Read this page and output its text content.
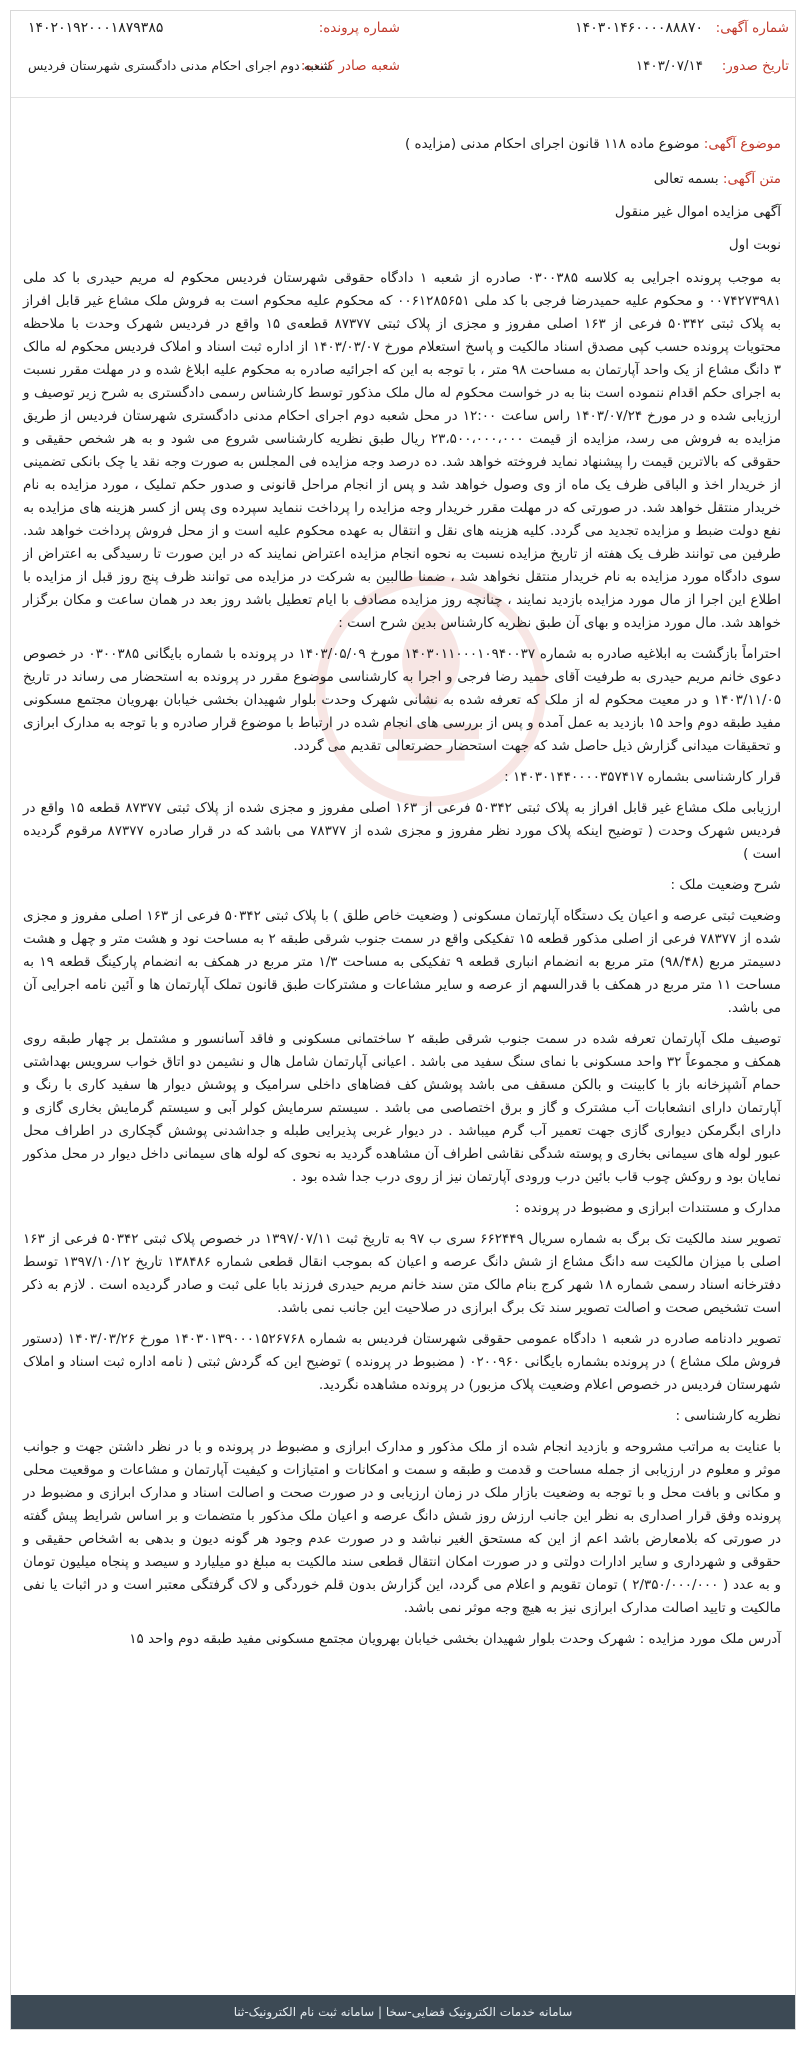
شماره آگهی:
۱۴۰۳۰۱۴۶۰۰۰۰۸۸۸۷۰
شماره پرونده:
۱۴۰۲۰۱۹۲۰۰۰۱۸۷۹۳۸۵
تاریخ صدور:
۱۴۰۳/۰۷/۱۴
شعبه صادر کننده:
شعبه دوم اجرای احکام مدنی دادگستری شهرستان فردیس
موضوع آگهی: موضوع ماده ۱۱۸ قانون اجرای احکام مدنی (مزایده )

متن آگهی: بسمه تعالی

آگهی مزایده اموال غیر منقول

نوبت اول

به موجب پرونده اجرایی به کلاسه ۰۳۰۰۳۸۵ صادره از شعبه ۱ دادگاه حقوقی شهرستان فردیس محکوم له مریم حیدری با کد ملی ۰۰۷۴۲۷۳۹۸۱ و محکوم علیه حمیدرضا فرجی با کد ملی ۰۰۶۱۲۸۵۶۵۱ که محکوم علیه محکوم است به فروش ملک مشاع غیر قابل افراز به پلاک ثبتی ۵۰۳۴۲ فرعی از ۱۶۳ اصلی مفروز و مجزی از پلاک ثبتی ۸۷۳۷۷ قطعه‌ی ۱۵ واقع در فردیس شهرک وحدت با ملاحظه محتویات پرونده حسب کپی مصدق اسناد مالکیت و پاسخ استعلام مورخ ۱۴۰۳/۰۳/۰۷ از اداره ثبت اسناد و املاک فردیس محکوم له مالک ۳ دانگ مشاع از یک واحد آپارتمان به مساحت ۹۸ متر ، با توجه به این که اجرائیه صادره به محکوم علیه ابلاغ شده و در مهلت مقرر نسبت به اجرای حکم اقدام ننموده است بنا به در خواست محکوم له مال ملک مذکور توسط کارشناس رسمی دادگستری به شرح زیر توصیف و ارزیابی شده و در مورخ ۱۴۰۳/۰۷/۲۴ راس ساعت ۱۲:۰۰ در محل شعبه دوم اجرای احکام مدنی دادگستری شهرستان فردیس از طریق مزایده به فروش می رسد، مزایده از قیمت ۲۳،۵۰۰،۰۰۰،۰۰۰ ریال طبق نظریه کارشناسی شروع می شود و به هر شخص حقیقی و حقوقی که بالاترین قیمت را پیشنهاد نماید فروخته خواهد شد. ده درصد وجه مزایده فی المجلس به صورت وجه نقد یا چک بانکی تضمینی از خریدار اخذ و الباقی ظرف یک ماه از وی وصول خواهد شد و پس از انجام مراحل قانونی و صدور حکم تملیک ، مورد مزایده به نام خریدار منتقل خواهد شد. در صورتی که در مهلت مقرر خریدار وجه مزایده را پرداخت ننماید سپرده وی پس از کسر هزینه های مزایده به نفع دولت ضبط و مزایده تجدید می گردد. کلیه هزینه های نقل و انتقال به عهده محکوم علیه است و از محل فروش پرداخت خواهد شد. طرفین می توانند ظرف یک هفته از تاریخ مزایده نسبت به نحوه انجام مزایده اعتراض نمایند که در این صورت تا رسیدگی به اعتراض از سوی دادگاه مورد مزایده به نام خریدار منتقل نخواهد شد ، ضمنا طالبین به شرکت در مزایده می توانند ظرف پنج روز قبل از مزایده با اطلاع این اجرا از مال مورد مزایده بازدید نمایند ، چنانچه روز مزایده مصادف با ایام تعطیل باشد روز بعد در همان ساعت و مکان برگزار خواهد شد. مال مورد مزایده و بهای آن طبق نظریه کارشناس بدین شرح است :

احتراماً بازگشت به ابلاغیه صادره به شماره ۱۴۰۳۰۱۱۰۰۰۱۰۹۴۰۰۳۷ مورخ ۱۴۰۳/۰۵/۰۹ در پرونده با شماره بایگانی ۰۳۰۰۳۸۵ در خصوص دعوی خانم مریم حیدری به طرفیت آقای حمید رضا فرجی و اجرا به کارشناسی موضوع مقرر در پرونده به استحضار می رساند در تاریخ ۱۴۰۳/۱۱/۰۵ و در معیت محکوم له از ملک که تعرفه شده به نشانی شهرک وحدت بلوار شهیدان بخشی خیابان بهرویان مجتمع مسکونی مفید طبقه دوم واحد ۱۵ بازدید به عمل آمده و پس از بررسی های انجام شده در ارتباط با موضوع قرار صادره و با توجه به مدارک ابرازی و تحقیقات میدانی گزارش ذیل حاصل شد که جهت استحضار حضرتعالی تقدیم می گردد.

قرار کارشناسی بشماره ۱۴۰۳۰۱۴۴۰۰۰۰۳۵۷۴۱۷ :

ارزیابی ملک مشاع غیر قابل افراز به پلاک ثبتی ۵۰۳۴۲ فرعی از ۱۶۳ اصلی مفروز و مجزی شده از پلاک ثبتی ۸۷۳۷۷ قطعه ۱۵ واقع در فردیس شهرک وحدت ( توضیح اینکه پلاک مورد نظر مفروز و مجزی شده از ۷۸۳۷۷ می باشد که در قرار صادره ۸۷۳۷۷ مرقوم گردیده است )

شرح وضعیت ملک :

وضعیت ثبتی عرصه و اعیان یک دستگاه آپارتمان مسکونی ( وضعیت خاص طلق ) با پلاک ثبتی ۵۰۳۴۲ فرعی از ۱۶۳ اصلی مفروز و مجزی شده از ۷۸۳۷۷ فرعی از اصلی مذکور قطعه ۱۵ تفکیکی واقع در سمت جنوب شرقی طبقه ۲ به مساحت نود و هشت متر و چهل و هشت دسیمتر مربع (۹۸/۴۸) متر مربع به انضمام انباری قطعه ۹ تفکیکی به مساحت ۱/۳ متر مربع در همکف به انضمام پارکینگ قطعه ۱۹ به مساحت ۱۱ متر مربع در همکف با قدرالسهم از عرصه و سایر مشاعات و مشترکات طبق قانون تملک آپارتمان ها و آئین نامه اجرایی آن می باشد.

توصیف ملک آپارتمان تعرفه شده در سمت جنوب شرقی طبقه ۲ ساختمانی مسکونی و فاقد آسانسور و مشتمل بر چهار طبقه روی همکف و مجموعاً ۳۲ واحد مسکونی با نمای سنگ سفید می باشد . اعیانی آپارتمان شامل هال و نشیمن دو اتاق خواب سرویس بهداشتی حمام آشپزخانه باز با کابینت و بالکن مسقف می باشد پوشش کف فضاهای داخلی سرامیک و پوشش دیوار ها سفید کاری با رنگ و آپارتمان دارای انشعابات آب مشترک و گاز و برق اختصاصی می باشد . سیستم سرمایش کولر آبی و سیستم گرمایش بخاری گازی و دارای ابگرمکن دیواری گازی جهت تعمیر آب گرم میباشد . در دیوار غربی پذیرایی طبله و جداشدنی پوشش گچکاری در اطراف محل عبور لوله های سیمانی بخاری و پوسته شدگی نقاشی اطراف آن مشاهده گردید به نحوی که لوله های سیمانی داخل دیوار در محل مذکور نمایان بود و روکش چوب قاب بائین درب ورودی آپارتمان نیز از روی درب جدا شده بود .

مدارک و مستندات ابرازی و مضبوط در پرونده :

تصویر سند مالکیت تک برگ به شماره سریال ۶۶۲۴۴۹ سری ب ۹۷ به تاریخ ثبت ۱۳۹۷/۰۷/۱۱ در خصوص پلاک ثبتی ۵۰۳۴۲ فرعی از ۱۶۳ اصلی با میزان مالکیت سه دانگ مشاع از شش دانگ عرصه و اعیان که بموجب انقال قطعی شماره ۱۳۸۴۸۶ تاریخ ۱۳۹۷/۱۰/۱۲ توسط دفترخانه اسناد رسمی شماره ۱۸ شهر کرج بنام مالک متن سند خانم مریم حیدری فرزند بابا علی ثبت و صادر گردیده است . لازم به ذکر است تشخیص صحت و اصالت تصویر سند تک برگ ابرازی در صلاحیت این جانب نمی باشد.

تصویر دادنامه صادره در شعبه ۱ دادگاه عمومی حقوقی شهرستان فردیس به شماره ۱۴۰۳۰۱۳۹۰۰۰۱۵۲۶۷۶۸ مورخ ۱۴۰۳/۰۳/۲۶ (دستور فروش ملک مشاع ) در پرونده بشماره بایگانی ۰۲۰۰۹۶۰ ( مضبوط در پرونده ) توضیح این که گردش ثبتی ( نامه اداره ثبت اسناد و املاک شهرستان فردیس در خصوص اعلام وضعیت پلاک مزبور) در پرونده مشاهده نگردید.

نظریه کارشناسی :

با عنایت به مراتب مشروحه و بازدید انجام شده از ملک مذکور و مدارک ابرازی و مضبوط در پرونده و با در نظر داشتن جهت و جوانب موثر و معلوم در ارزیابی از جمله مساحت و قدمت و طبقه و سمت و امکانات و امتیازات و کیفیت آپارتمان و مشاعات و موقعیت محلی و مکانی و بافت محل و با توجه به وضعیت بازار ملک در زمان ارزیابی و در صورت صحت و اصالت اسناد و مدارک ابرازی و مضبوط در پرونده وفق قرار اصداری به نظر این جانب ارزش روز شش دانگ عرصه و اعیان ملک مذکور با متضمات و بر اساس شرایط پیش گفته در صورتی که بلامعارض باشد اعم از این که مستحق الغیر نباشد و در صورت عدم وجود هر گونه دیون و بدهی به اشخاص حقیقی و حقوقی و شهرداری و سایر ادارات دولتی و در صورت امکان انتقال قطعی سند مالکیت به مبلغ دو میلیارد و سیصد و پنجاه میلیون تومان و به عدد ( ۲/۳۵۰/۰۰۰/۰۰۰ ) تومان تقویم و اعلام می گردد، این گزارش بدون قلم خوردگی و لاک گرفتگی معتبر است و در اثبات یا نفی مالکیت و تایید اصالت مدارک ابرازی نیز به هیچ وجه موثر نمی باشد.

آدرس ملک مورد مزایده : شهرک وحدت بلوار شهیدان بخشی خیابان بهرویان مجتمع مسکونی مفید طبقه دوم واحد ۱۵

سامانه خدمات الکترونیک قضایی-سخا | سامانه ثبت نام الکترونیک-ثنا
